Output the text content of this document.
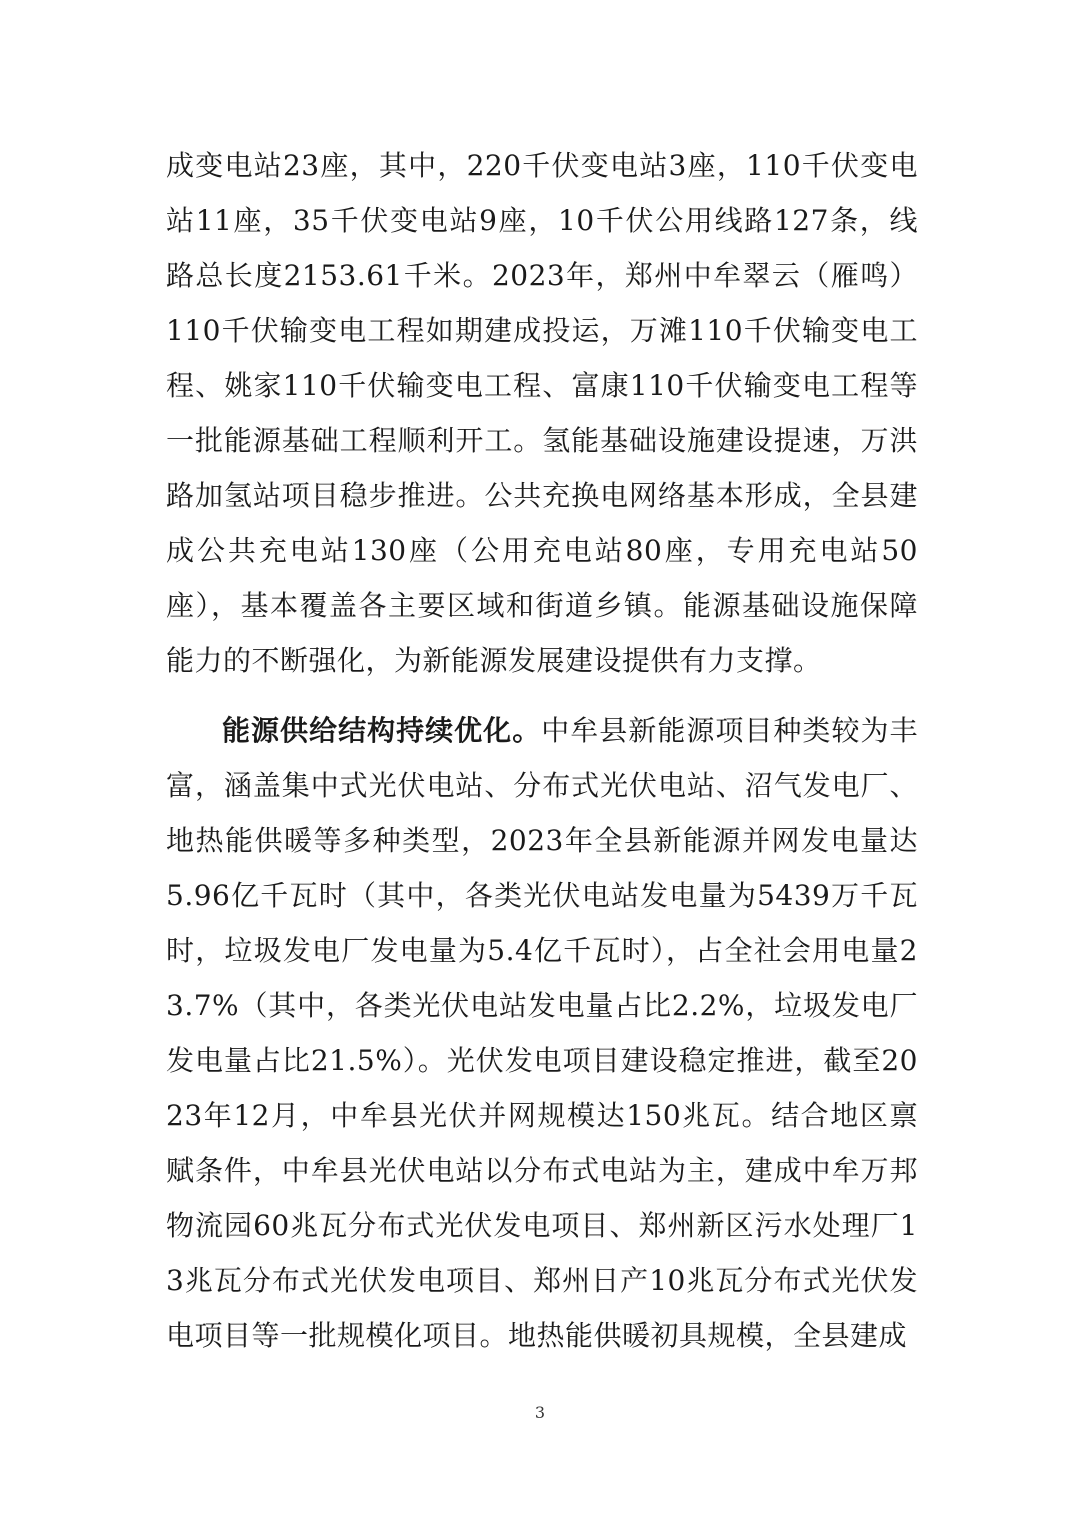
成变电站23座，其中，220千伏变电站3座，110千伏变电站11座，35千伏变电站9座，10千伏公用线路127条，线路总长度2153.61千米。2023年，郑州中牟翠云（雁鸣）110千伏输变电工程如期建成投运，万滩110千伏输变电工程、姚家110千伏输变电工程、富康110千伏输变电工程等一批能源基础工程顺利开工。氢能基础设施建设提速，万洪路加氢站项目稳步推进。公共充换电网络基本形成，全县建成公共充电站130座（公用充电站80座，专用充电站50座），基本覆盖各主要区域和街道乡镇。能源基础设施保障能力的不断强化，为新能源发展建设提供有力支撑。

能源供给结构持续优化。中牟县新能源项目种类较为丰富，涵盖集中式光伏电站、分布式光伏电站、沼气发电厂、地热能供暖等多种类型，2023年全县新能源并网发电量达5.96亿千瓦时（其中，各类光伏电站发电量为5439万千瓦时，垃圾发电厂发电量为5.4亿千瓦时），占全社会用电量23.7%（其中，各类光伏电站发电量占比2.2%，垃圾发电厂发电量占比21.5%）。光伏发电项目建设稳定推进，截至2023年12月，中牟县光伏并网规模达150兆瓦。结合地区禀赋条件，中牟县光伏电站以分布式电站为主，建成中牟万邦物流园60兆瓦分布式光伏发电项目、郑州新区污水处理厂13兆瓦分布式光伏发电项目、郑州日产10兆瓦分布式光伏发电项目等一批规模化项目。地热能供暖初具规模，全县建成

3
